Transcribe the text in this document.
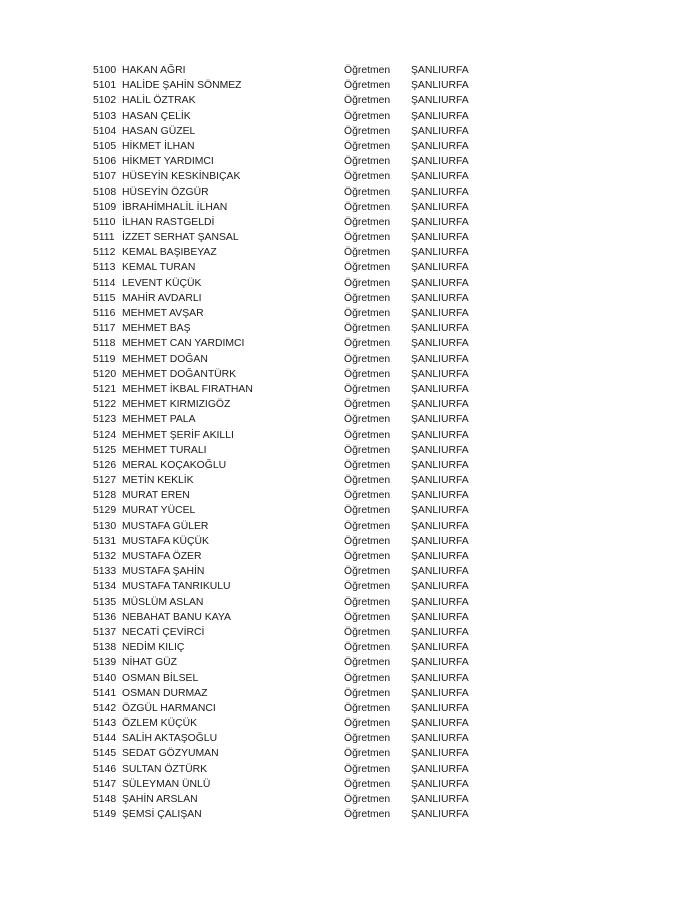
5100 HAKAN AĞRI	Öğretmen	ŞANLIURFA
5101 HALİDE ŞAHİN SÖNMEZ	Öğretmen	ŞANLIURFA
5102 HALİL ÖZTRAK	Öğretmen	ŞANLIURFA
5103 HASAN ÇELİK	Öğretmen	ŞANLIURFA
5104 HASAN GÜZEL	Öğretmen	ŞANLIURFA
5105 HİKMET İLHAN	Öğretmen	ŞANLIURFA
5106 HİKMET YARDIMCI	Öğretmen	ŞANLIURFA
5107 HÜSEYİN KESKİNBIÇAK	Öğretmen	ŞANLIURFA
5108 HÜSEYİN ÖZGÜR	Öğretmen	ŞANLIURFA
5109 İBRAHİMHALİL İLHAN	Öğretmen	ŞANLIURFA
5110 İLHAN RASTGELDİ	Öğretmen	ŞANLIURFA
5111 İZZET SERHAT ŞANSAL	Öğretmen	ŞANLIURFA
5112 KEMAL BAŞIBEYAZ	Öğretmen	ŞANLIURFA
5113 KEMAL TURAN	Öğretmen	ŞANLIURFA
5114 LEVENT KÜÇÜK	Öğretmen	ŞANLIURFA
5115 MAHİR AVDARLI	Öğretmen	ŞANLIURFA
5116 MEHMET AVŞAR	Öğretmen	ŞANLIURFA
5117 MEHMET BAŞ	Öğretmen	ŞANLIURFA
5118 MEHMET CAN YARDIMCI	Öğretmen	ŞANLIURFA
5119 MEHMET DOĞAN	Öğretmen	ŞANLIURFA
5120 MEHMET DOĞANTÜRK	Öğretmen	ŞANLIURFA
5121 MEHMET İKBAL FIRATHAN	Öğretmen	ŞANLIURFA
5122 MEHMET KIRMIZIGÖZ	Öğretmen	ŞANLIURFA
5123 MEHMET PALA	Öğretmen	ŞANLIURFA
5124 MEHMET ŞERİF AKILLI	Öğretmen	ŞANLIURFA
5125 MEHMET TURALI	Öğretmen	ŞANLIURFA
5126 MERAL KOÇAKOĞLU	Öğretmen	ŞANLIURFA
5127 METİN KEKLİK	Öğretmen	ŞANLIURFA
5128 MURAT EREN	Öğretmen	ŞANLIURFA
5129 MURAT YÜCEL	Öğretmen	ŞANLIURFA
5130 MUSTAFA GÜLER	Öğretmen	ŞANLIURFA
5131 MUSTAFA KÜÇÜK	Öğretmen	ŞANLIURFA
5132 MUSTAFA ÖZER	Öğretmen	ŞANLIURFA
5133 MUSTAFA ŞAHİN	Öğretmen	ŞANLIURFA
5134 MUSTAFA TANRIKULU	Öğretmen	ŞANLIURFA
5135 MÜSLÜM ASLAN	Öğretmen	ŞANLIURFA
5136 NEBAHAT BANU KAYA	Öğretmen	ŞANLIURFA
5137 NECATİ ÇEVİRCİ	Öğretmen	ŞANLIURFA
5138 NEDİM KILIÇ	Öğretmen	ŞANLIURFA
5139 NİHAT GÜZ	Öğretmen	ŞANLIURFA
5140 OSMAN BİLSEL	Öğretmen	ŞANLIURFA
5141 OSMAN DURMAZ	Öğretmen	ŞANLIURFA
5142 ÖZGÜL HARMANCI	Öğretmen	ŞANLIURFA
5143 ÖZLEM KÜÇÜK	Öğretmen	ŞANLIURFA
5144 SALİH AKTAŞOĞLU	Öğretmen	ŞANLIURFA
5145 SEDAT GÖZYUMAN	Öğretmen	ŞANLIURFA
5146 SULTAN ÖZTÜRK	Öğretmen	ŞANLIURFA
5147 SÜLEYMAN ÜNLÜ	Öğretmen	ŞANLIURFA
5148 ŞAHİN ARSLAN	Öğretmen	ŞANLIURFA
5149 ŞEMSİ ÇALIŞAN	Öğretmen	ŞANLIURFA
